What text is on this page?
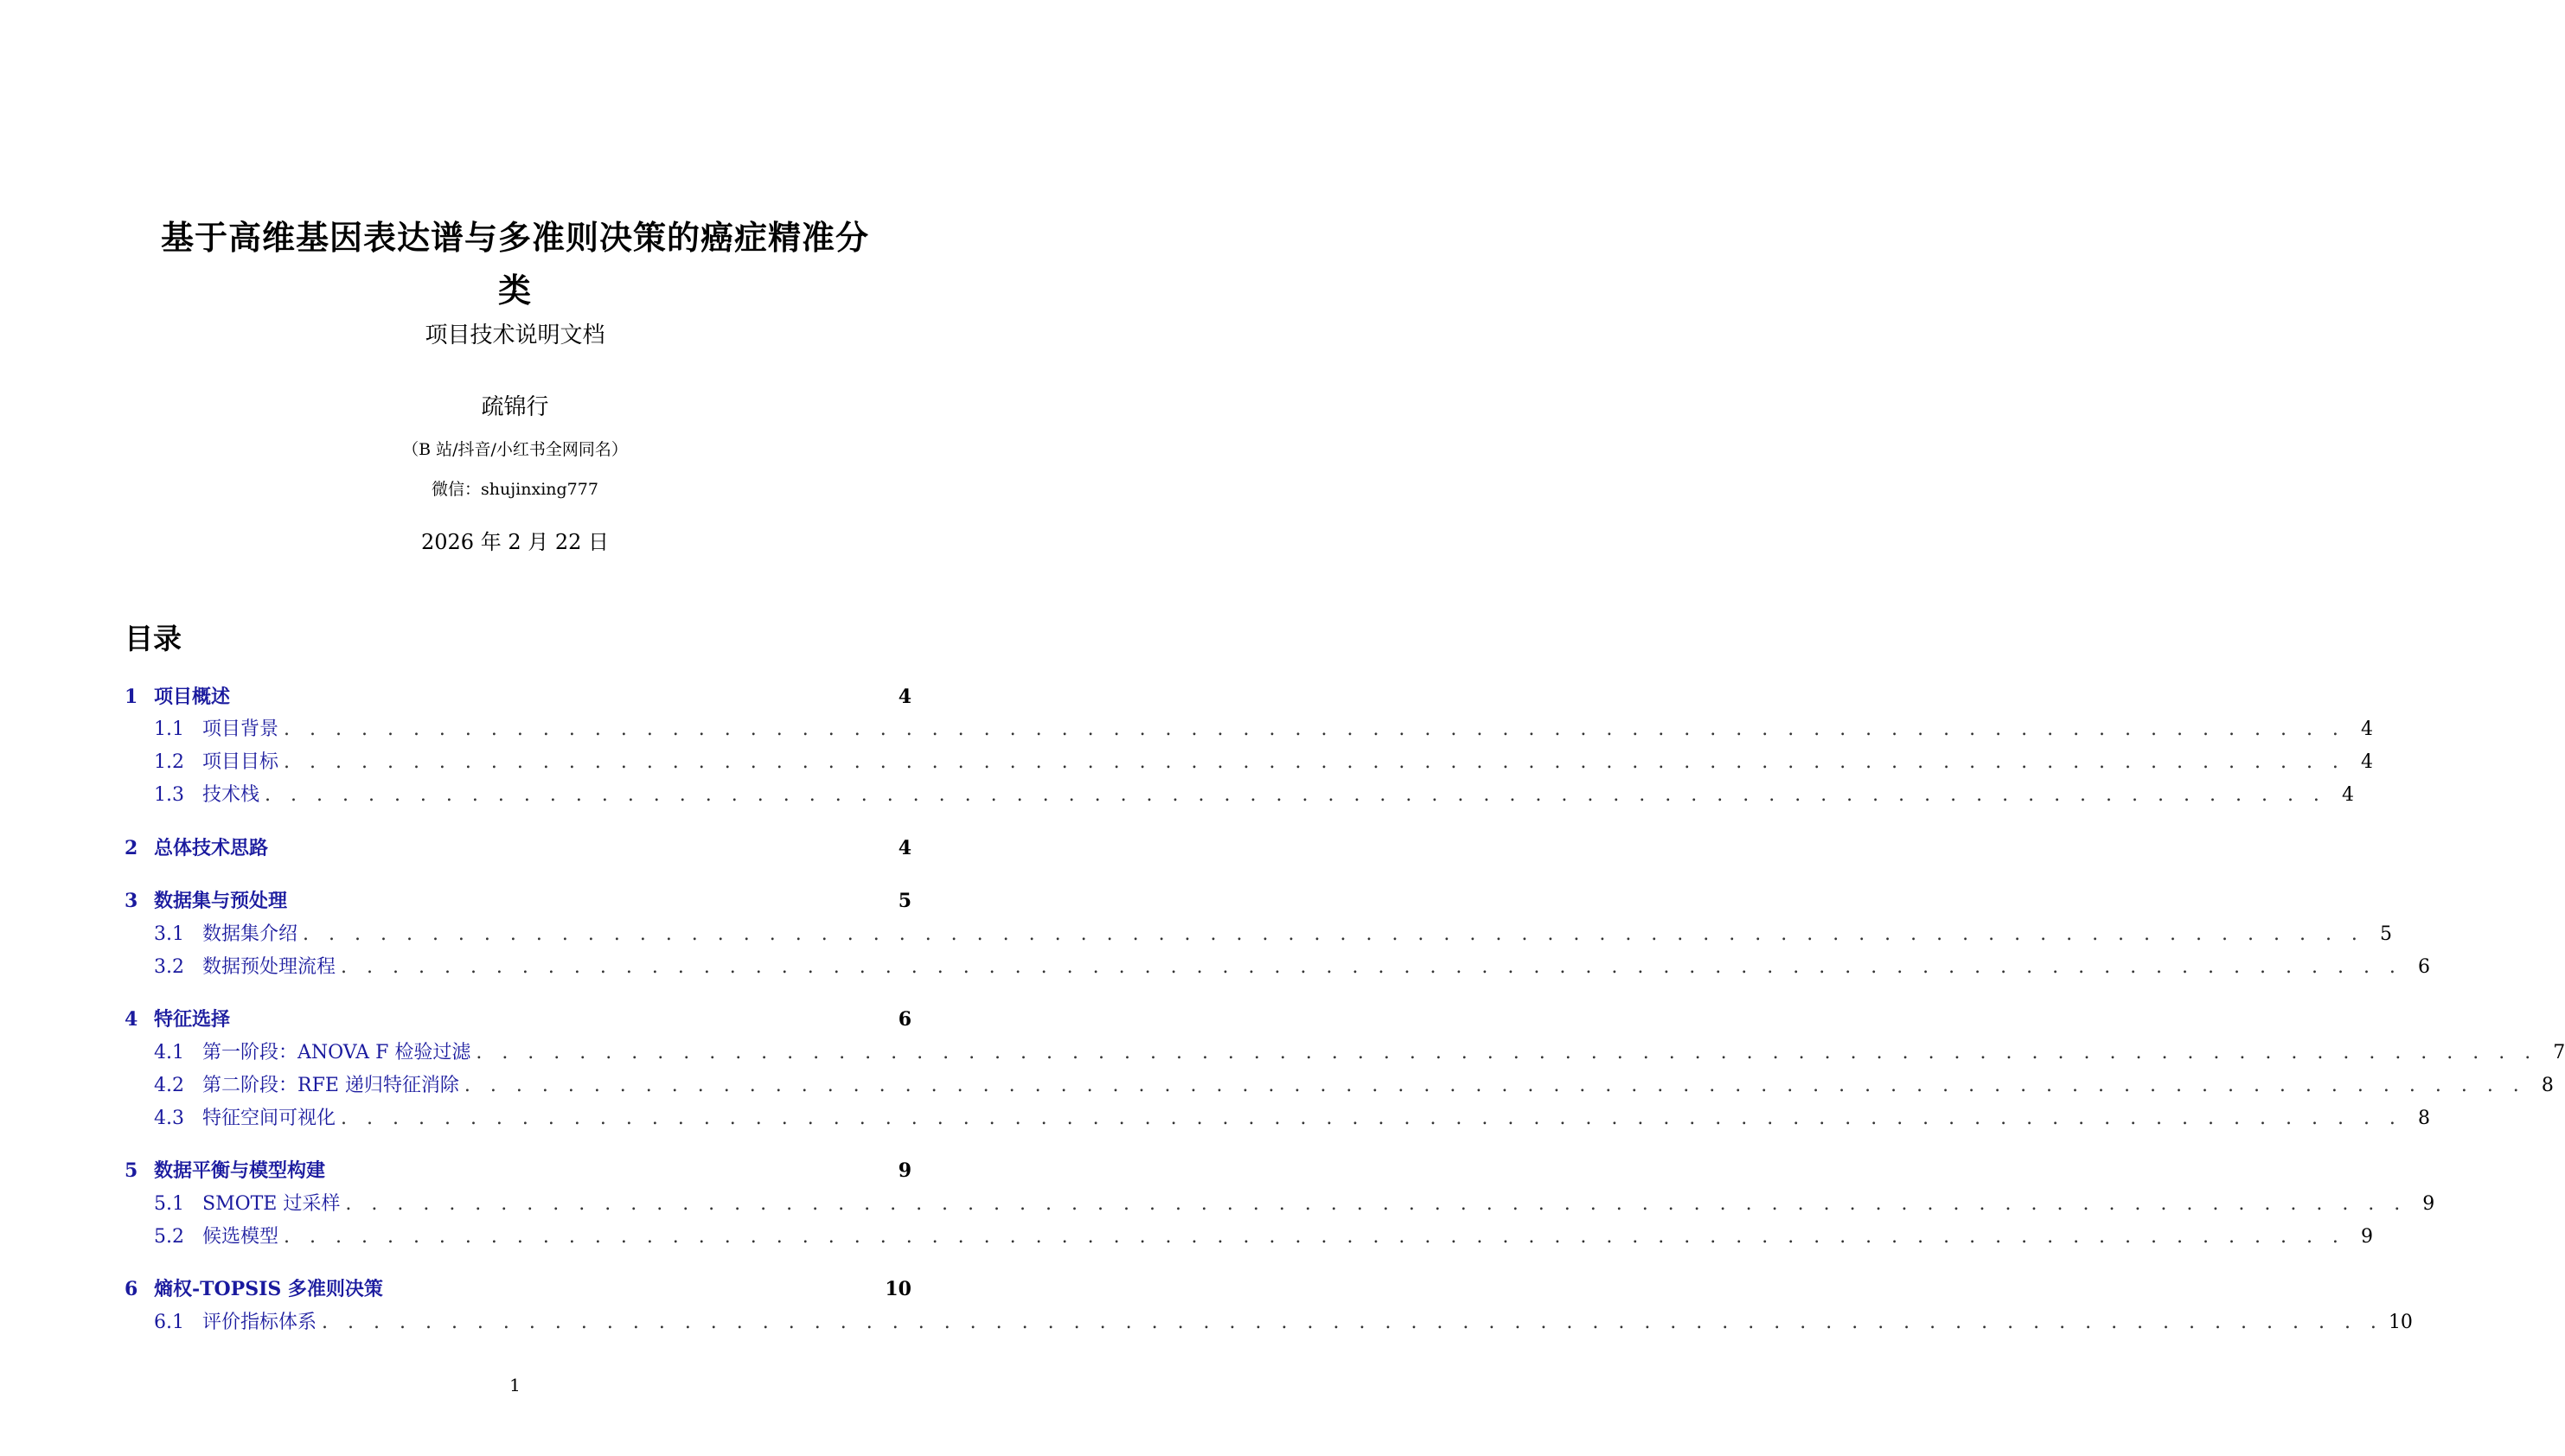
基于高维基因表达谱与多准则决策的癌症精准分
类
项目技术说明文档
疏锦行
（B 站/抖音/小红书全网同名）
微信：shujinxing777
2026 年 2 月 22 日
目录
1 项目概述	4
1.1 项目背景 . . . . . . . . . . . . . . . . . . . . . . . . . . . . . . . . . . . . . . . . . . . . . . . . . . . . . . . . . . . . . . . . . . . . . . . . . . . . . . . . 4
1.2 项目目标 . . . . . . . . . . . . . . . . . . . . . . . . . . . . . . . . . . . . . . . . . . . . . . . . . . . . . . . . . . . . . . . . . . . . . . . . . . . . . . . . 4
1.3 技术栈 . . . . . . . . . . . . . . . . . . . . . . . . . . . . . . . . . . . . . . . . . . . . . . . . . . . . . . . . . . . . . . . . . . . . . . . . . . . . . . . . 4
2 总体技术思路	4
3 数据集与预处理	5
3.1 数据集介绍 . . . . . . . . . . . . . . . . . . . . . . . . . . . . . . . . . . . . . . . . . . . . . . . . . . . . . . . . . . . . . . . . . . . . . . . . . . . . . . . . 5
3.2 数据预处理流程 . . . . . . . . . . . . . . . . . . . . . . . . . . . . . . . . . . . . . . . . . . . . . . . . . . . . . . . . . . . . . . . . . . . . . . . . . . . . . . . . 6
4 特征选择	6
4.1 第一阶段：ANOVA F 检验过滤 . . . . . . . . . . . . . . . . . . . . . . . . . . . . . . . . . . . . . . . . . . . . . . . . . . . . . . . . . . . . . . . . . . . . . . . . . . . . . . . . 7
4.2 第二阶段：RFE 递归特征消除 . . . . . . . . . . . . . . . . . . . . . . . . . . . . . . . . . . . . . . . . . . . . . . . . . . . . . . . . . . . . . . . . . . . . . . . . . . . . . . . . 8
4.3 特征空间可视化 . . . . . . . . . . . . . . . . . . . . . . . . . . . . . . . . . . . . . . . . . . . . . . . . . . . . . . . . . . . . . . . . . . . . . . . . . . . . . . . . 8
5 数据平衡与模型构建	9
5.1 SMOTE 过采样 . . . . . . . . . . . . . . . . . . . . . . . . . . . . . . . . . . . . . . . . . . . . . . . . . . . . . . . . . . . . . . . . . . . . . . . . . . . . . . . . 9
5.2 候选模型 . . . . . . . . . . . . . . . . . . . . . . . . . . . . . . . . . . . . . . . . . . . . . . . . . . . . . . . . . . . . . . . . . . . . . . . . . . . . . . . . 9
6 熵权-TOPSIS 多准则决策	10
6.1 评价指标体系 . . . . . . . . . . . . . . . . . . . . . . . . . . . . . . . . . . . . . . . . . . . . . . . . . . . . . . . . . . . . . . . . . . . . . . . . . . . . . . . . 10
1
